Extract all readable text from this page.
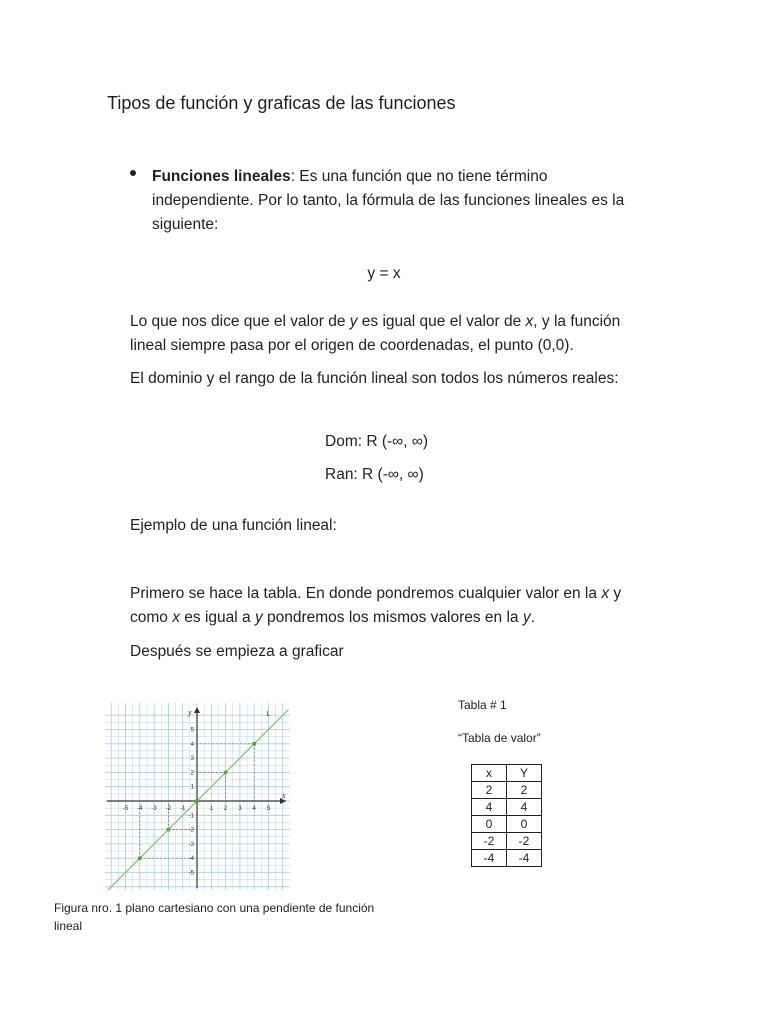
Tipos de función y graficas de las funciones
Funciones lineales: Es una función que no tiene término independiente. Por lo tanto, la fórmula de las funciones lineales es la siguiente:
y = x
Lo que nos dice que el valor de y es igual que el valor de x, y la función lineal siempre pasa por el origen de coordenadas, el punto (0,0).
El dominio y el rango de la función lineal son todos los números reales:
Dom: R (-∞, ∞)
Ran: R (-∞, ∞)
Ejemplo de una función lineal:
Primero se hace la tabla. En donde pondremos cualquier valor en la x y como x es igual a y pondremos los mismos valores en la y.
Después se empieza a graficar
-5 -4 -3 -2 -1	1 2 3 4 5
-5
-4
-3
-2
-1
1
2
3
4
5
x
y	L
Figura nro. 1 plano cartesiano con una pendiente de función lineal
Tabla # 1
“Tabla de valor”
x	Y
2	2
4	4
0	0
-2	-2
-4	-4
